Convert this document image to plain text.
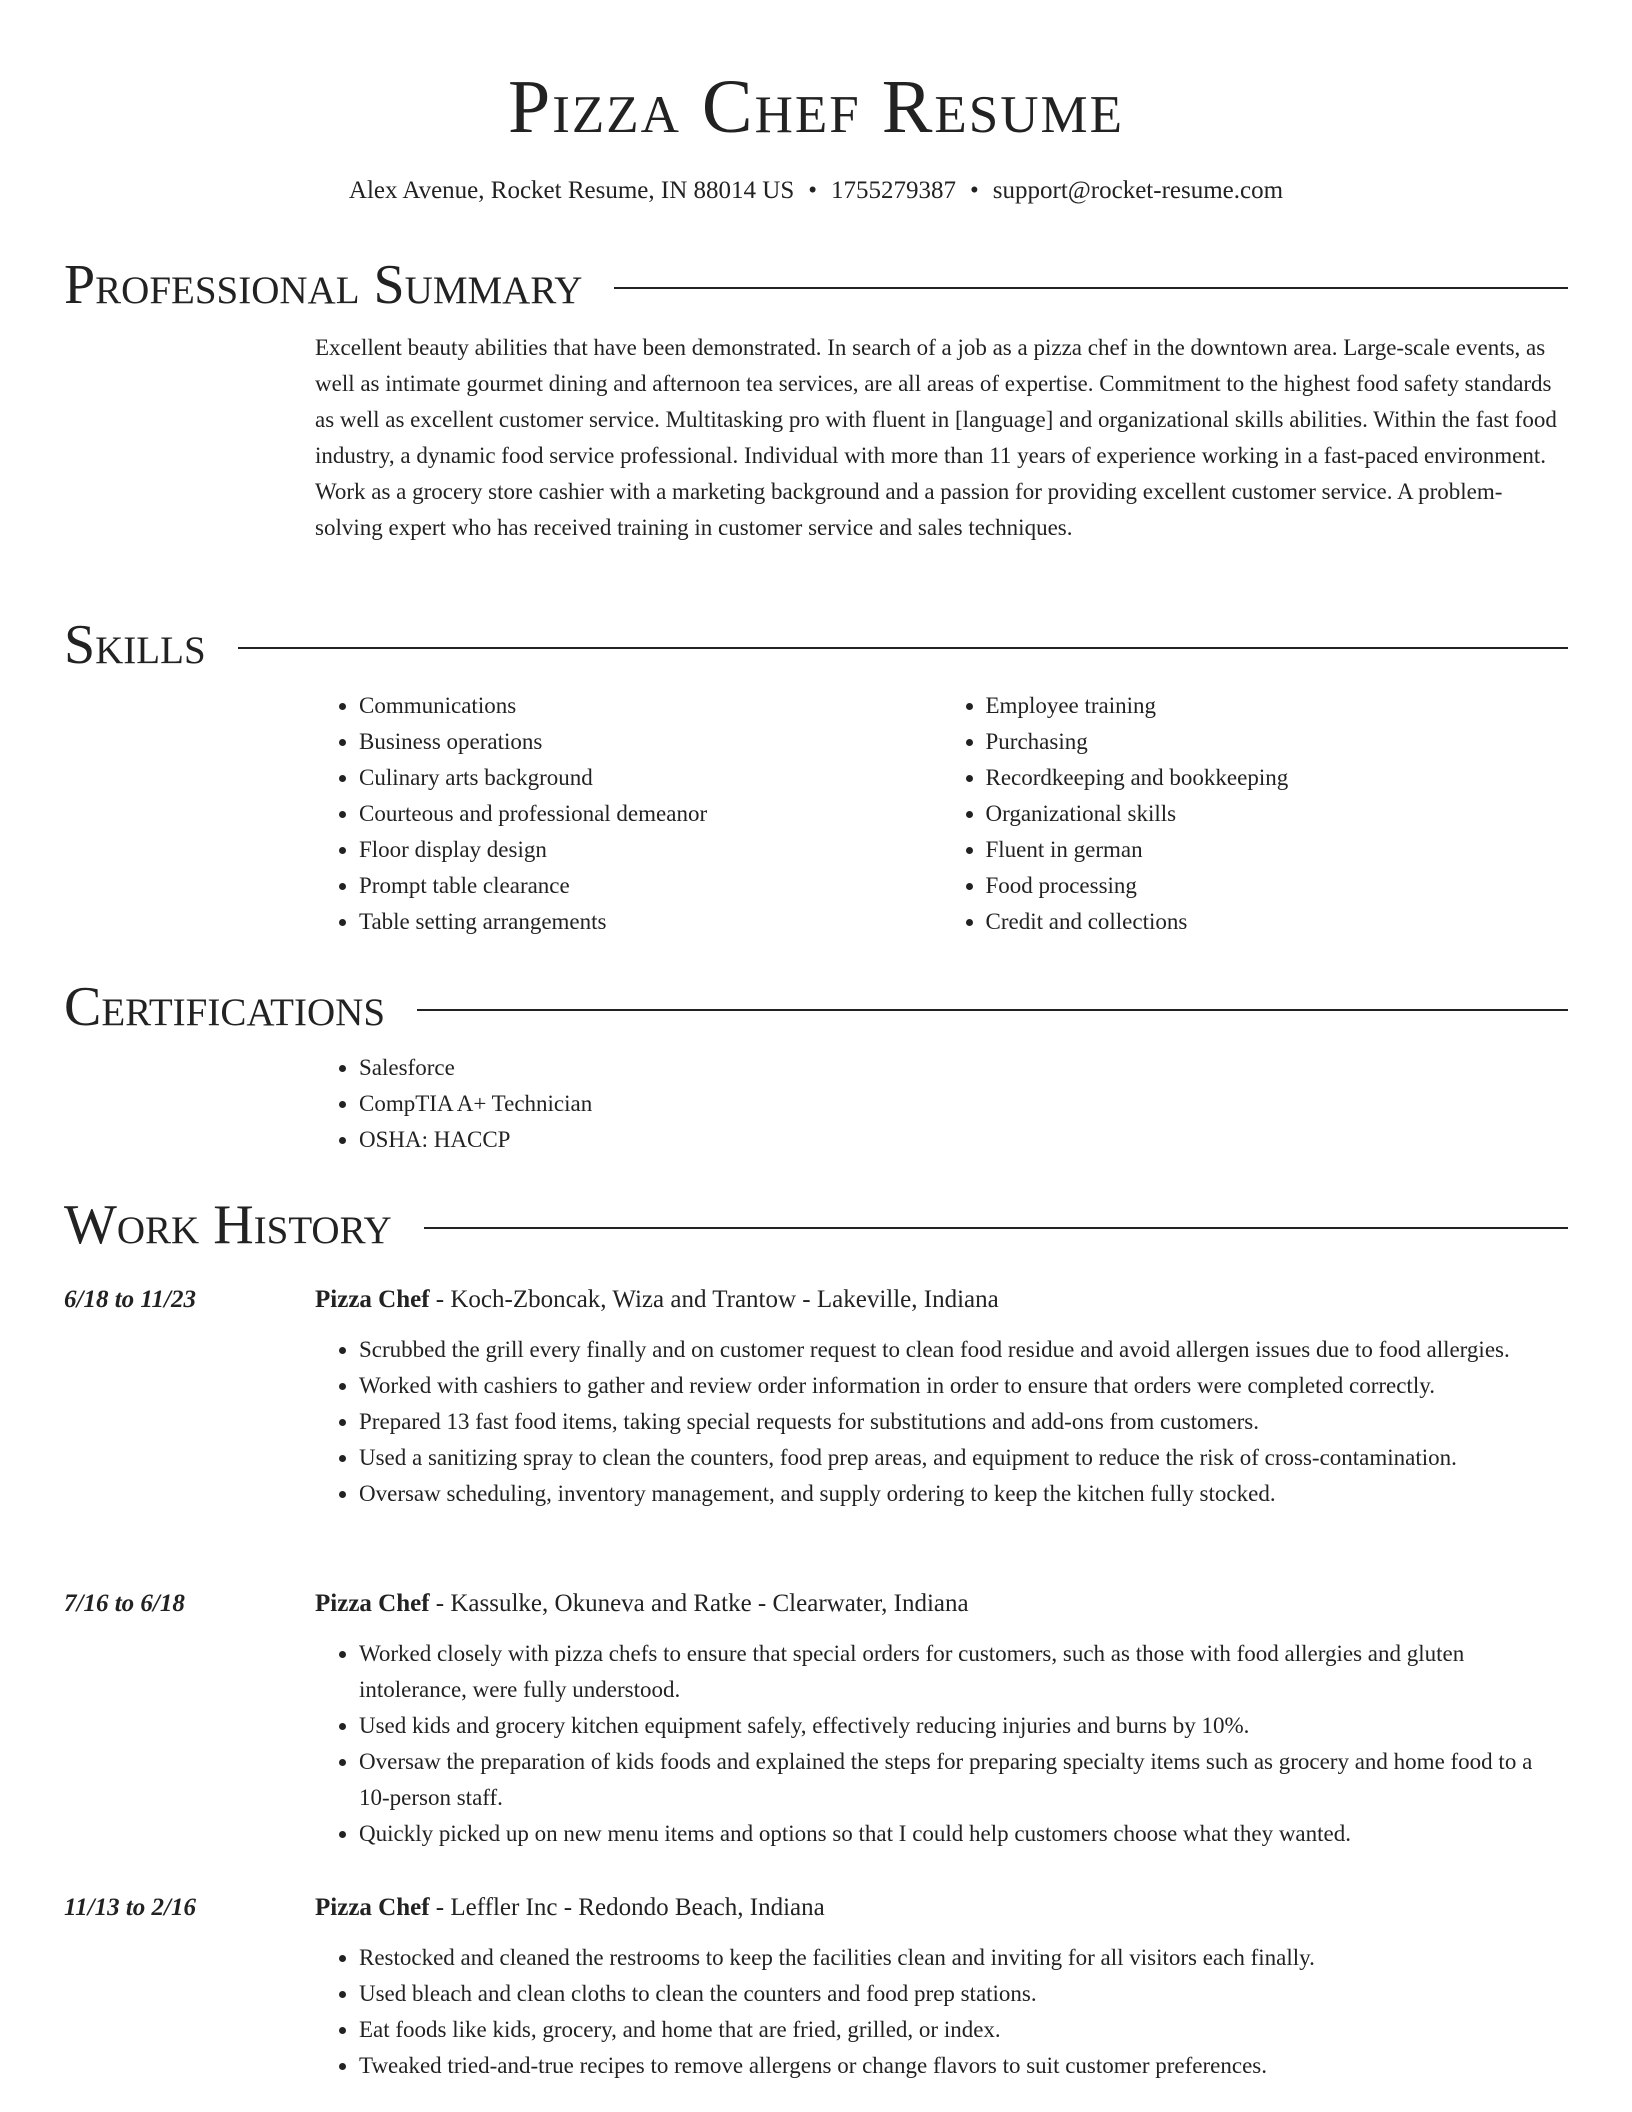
Pizza Chef Resume
Alex Avenue, Rocket Resume, IN 88014 US • 1755279387 • support@rocket-resume.com
Professional Summary

Excellent beauty abilities that have been demonstrated. In search of a job as a pizza chef in the downtown area. Large-scale events, as well as intimate gourmet dining and afternoon tea services, are all areas of expertise. Commitment to the highest food safety standards as well as excellent customer service. Multitasking pro with fluent in [language] and organizational skills abilities. Within the fast food industry, a dynamic food service professional. Individual with more than 11 years of experience working in a fast-paced environment. Work as a grocery store cashier with a marketing background and a passion for providing excellent customer service. A problem-solving expert who has received training in customer service and sales techniques.

Skills
• Communications
• Business operations
• Culinary arts background
• Courteous and professional demeanor
• Floor display design
• Prompt table clearance
• Table setting arrangements
• Employee training
• Purchasing
• Recordkeeping and bookkeeping
• Organizational skills
• Fluent in german
• Food processing
• Credit and collections
Certifications
• Salesforce
• CompTIA A+ Technician
• OSHA: HACCP
Work History
6/18 to 11/23	Pizza Chef - Koch-Zboncak, Wiza and Trantow - Lakeville, Indiana
• Scrubbed the grill every finally and on customer request to clean food residue and avoid allergen issues due to food allergies.
• Worked with cashiers to gather and review order information in order to ensure that orders were completed correctly.
• Prepared 13 fast food items, taking special requests for substitutions and add-ons from customers.
• Used a sanitizing spray to clean the counters, food prep areas, and equipment to reduce the risk of cross-contamination.
• Oversaw scheduling, inventory management, and supply ordering to keep the kitchen fully stocked.
7/16 to 6/18	Pizza Chef - Kassulke, Okuneva and Ratke - Clearwater, Indiana
• Worked closely with pizza chefs to ensure that special orders for customers, such as those with food allergies and gluten intolerance, were fully understood.
• Used kids and grocery kitchen equipment safely, effectively reducing injuries and burns by 10%.
• Oversaw the preparation of kids foods and explained the steps for preparing specialty items such as grocery and home food to a 10-person staff.
• Quickly picked up on new menu items and options so that I could help customers choose what they wanted.
11/13 to 2/16	Pizza Chef - Leffler Inc - Redondo Beach, Indiana
• Restocked and cleaned the restrooms to keep the facilities clean and inviting for all visitors each finally.
• Used bleach and clean cloths to clean the counters and food prep stations.
• Eat foods like kids, grocery, and home that are fried, grilled, or index.
• Tweaked tried-and-true recipes to remove allergens or change flavors to suit customer preferences.
